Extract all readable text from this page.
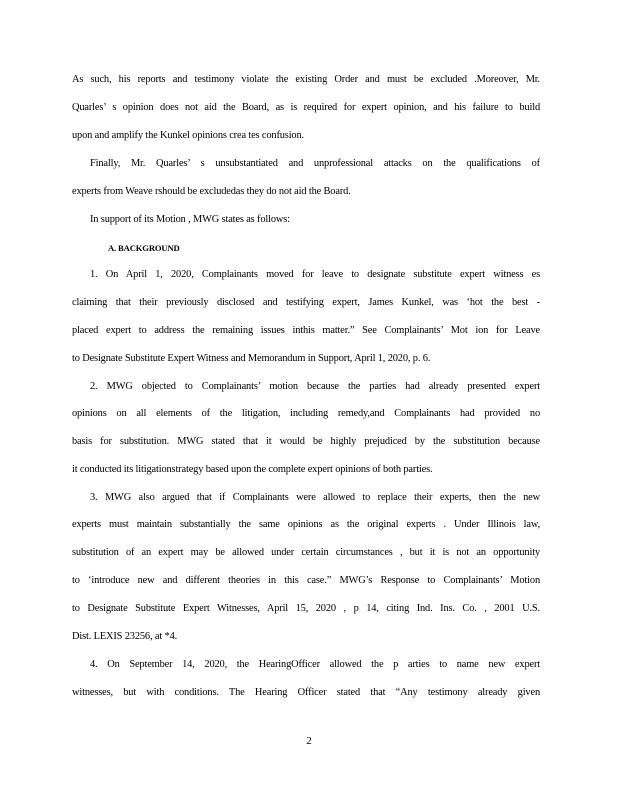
As such, his reports and testimony violate the existing Order and must be excluded .Moreover, Mr.
Quarles’ s opinion does not aid the Board, as is required for expert opinion, and his failure to build
upon and amplify the Kunkel opinions crea tes confusion.
Finally, Mr. Quarles’ s unsubstantiated and unprofessional attacks on the qualifications of
experts from Weave rshould be excludedas they do not aid the Board.
In support of its Motion , MWG states as follows:
A. BACKGROUND
1. On April 1, 2020, Complainants moved for leave to designate substitute expert witness es
claiming that their previously disclosed and testifying expert, James Kunkel, was ‘hot the best -
placed expert to address the remaining issues inthis matter.” See Complainants’ Mot ion for Leave
to Designate Substitute Expert Witness and Memorandum in Support, April 1, 2020, p. 6.
2. MWG objected to Complainants’ motion because the parties had already presented expert
opinions on all elements of the litigation, including remedy,and Complainants had provided no
basis for substitution. MWG stated that it would be highly prejudiced by the substitution because
it conducted its litigationstrategy based upon the complete expert opinions of both parties.
3. MWG also argued that if Complainants were allowed to replace their experts, then the new
experts must maintain substantially the same opinions as the original experts . Under Illinois law,
substitution of an expert may be allowed under certain circumstances , but it is not an opportunity
to ‘introduce new and different theories in this case.” MWG’s Response to Complainants’ Motion
to Designate Substitute Expert Witnesses, April 15, 2020 , p 14, citing Ind. Ins. Co. , 2001 U.S.
Dist. LEXIS 23256, at *4.
4. On September 14, 2020, the HearingOfficer allowed the p arties to name new expert
witnesses, but with conditions. The Hearing Officer stated that “Any testimony already given
2
